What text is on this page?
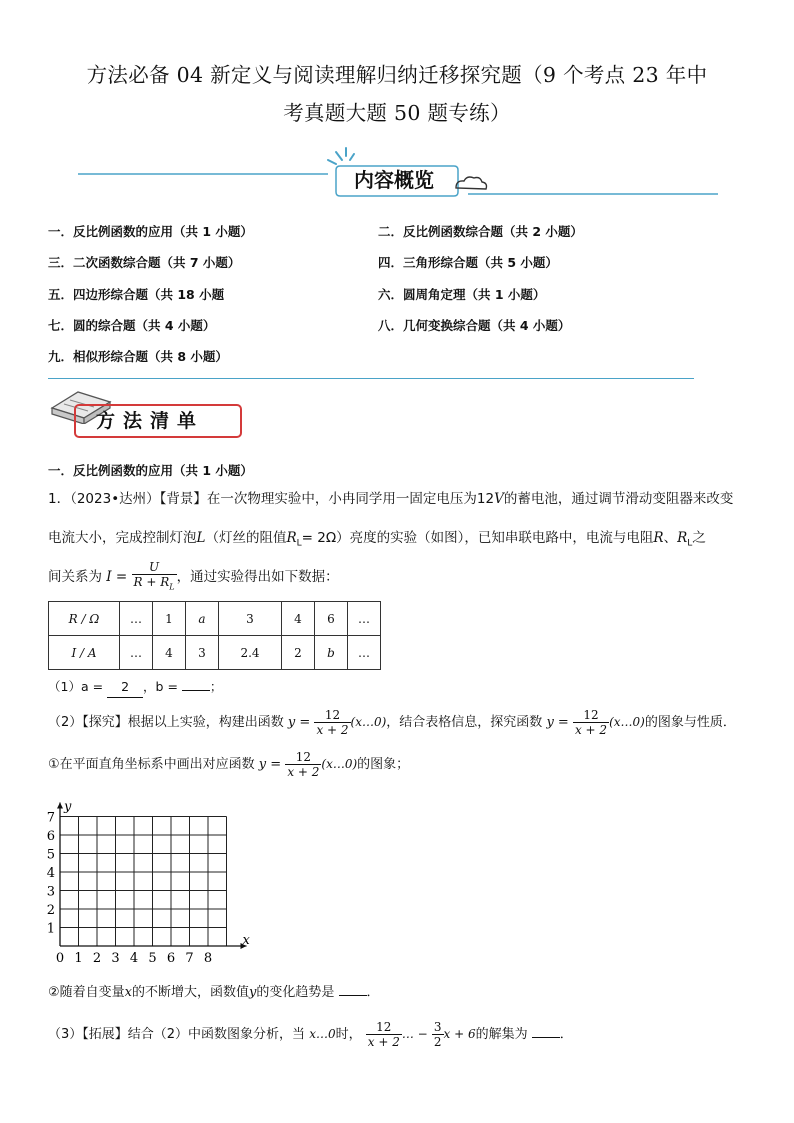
方法必备 04 新定义与阅读理解归纳迁移探究题（9 个考点 23 年中
考真题大题 50 题专练）
内容概览
一．反比例函数的应用（共 1 小题）	二．反比例函数综合题（共 2 小题）
三．二次函数综合题（共 7 小题）	四．三角形综合题（共 5 小题）
五．四边形综合题（共 18 小题	六．圆周角定理（共 1 小题）
七．圆的综合题（共 4 小题）	八．几何变换综合题（共 4 小题）
九．相似形综合题（共 8 小题）
方法清单
一．反比例函数的应用（共 1 小题）
1．（2023•达州）【背景】在一次物理实验中，小冉同学用一固定电压为12V的蓄电池，通过调节滑动变阻器来改变
电流大小，完成控制灯泡L（灯丝的阻值$R_L= 2\Omega$）亮度的实验（如图），已知串联电路中，电流与电阻R、$R_L$之
间关系为 $I = \frac{U}{R + R_L}$ ，通过实验得出如下数据：
R / Ω	…	1	a	3	4	6	…
I / A	…	4	3	2.4	2	b	…
（1）a = 2 ，b =	；
（2）【探究】根据以上实验，构建出函数 $y = \frac{12}{x + 2}$ (x…0)，结合表格信息，探究函数 $y = \frac{12}{x + 2}$ (x…0)的图象与性质．
①在平面直角坐标系中画出对应函数 $y = \frac{12}{x + 2}$ (x…0)的图象；
0 1 2 3 4 5 6 7 8
1
2
3
4
5
6
7
x
y
②随着自变量x的不断增大，函数值y的变化趋势是 ．
（3）【拓展】结合（2）中函数图象分析，当 x…0时， $\frac{12}{x + 2}$ … − $\frac{3}{2}$ x + 6的解集为 ．
